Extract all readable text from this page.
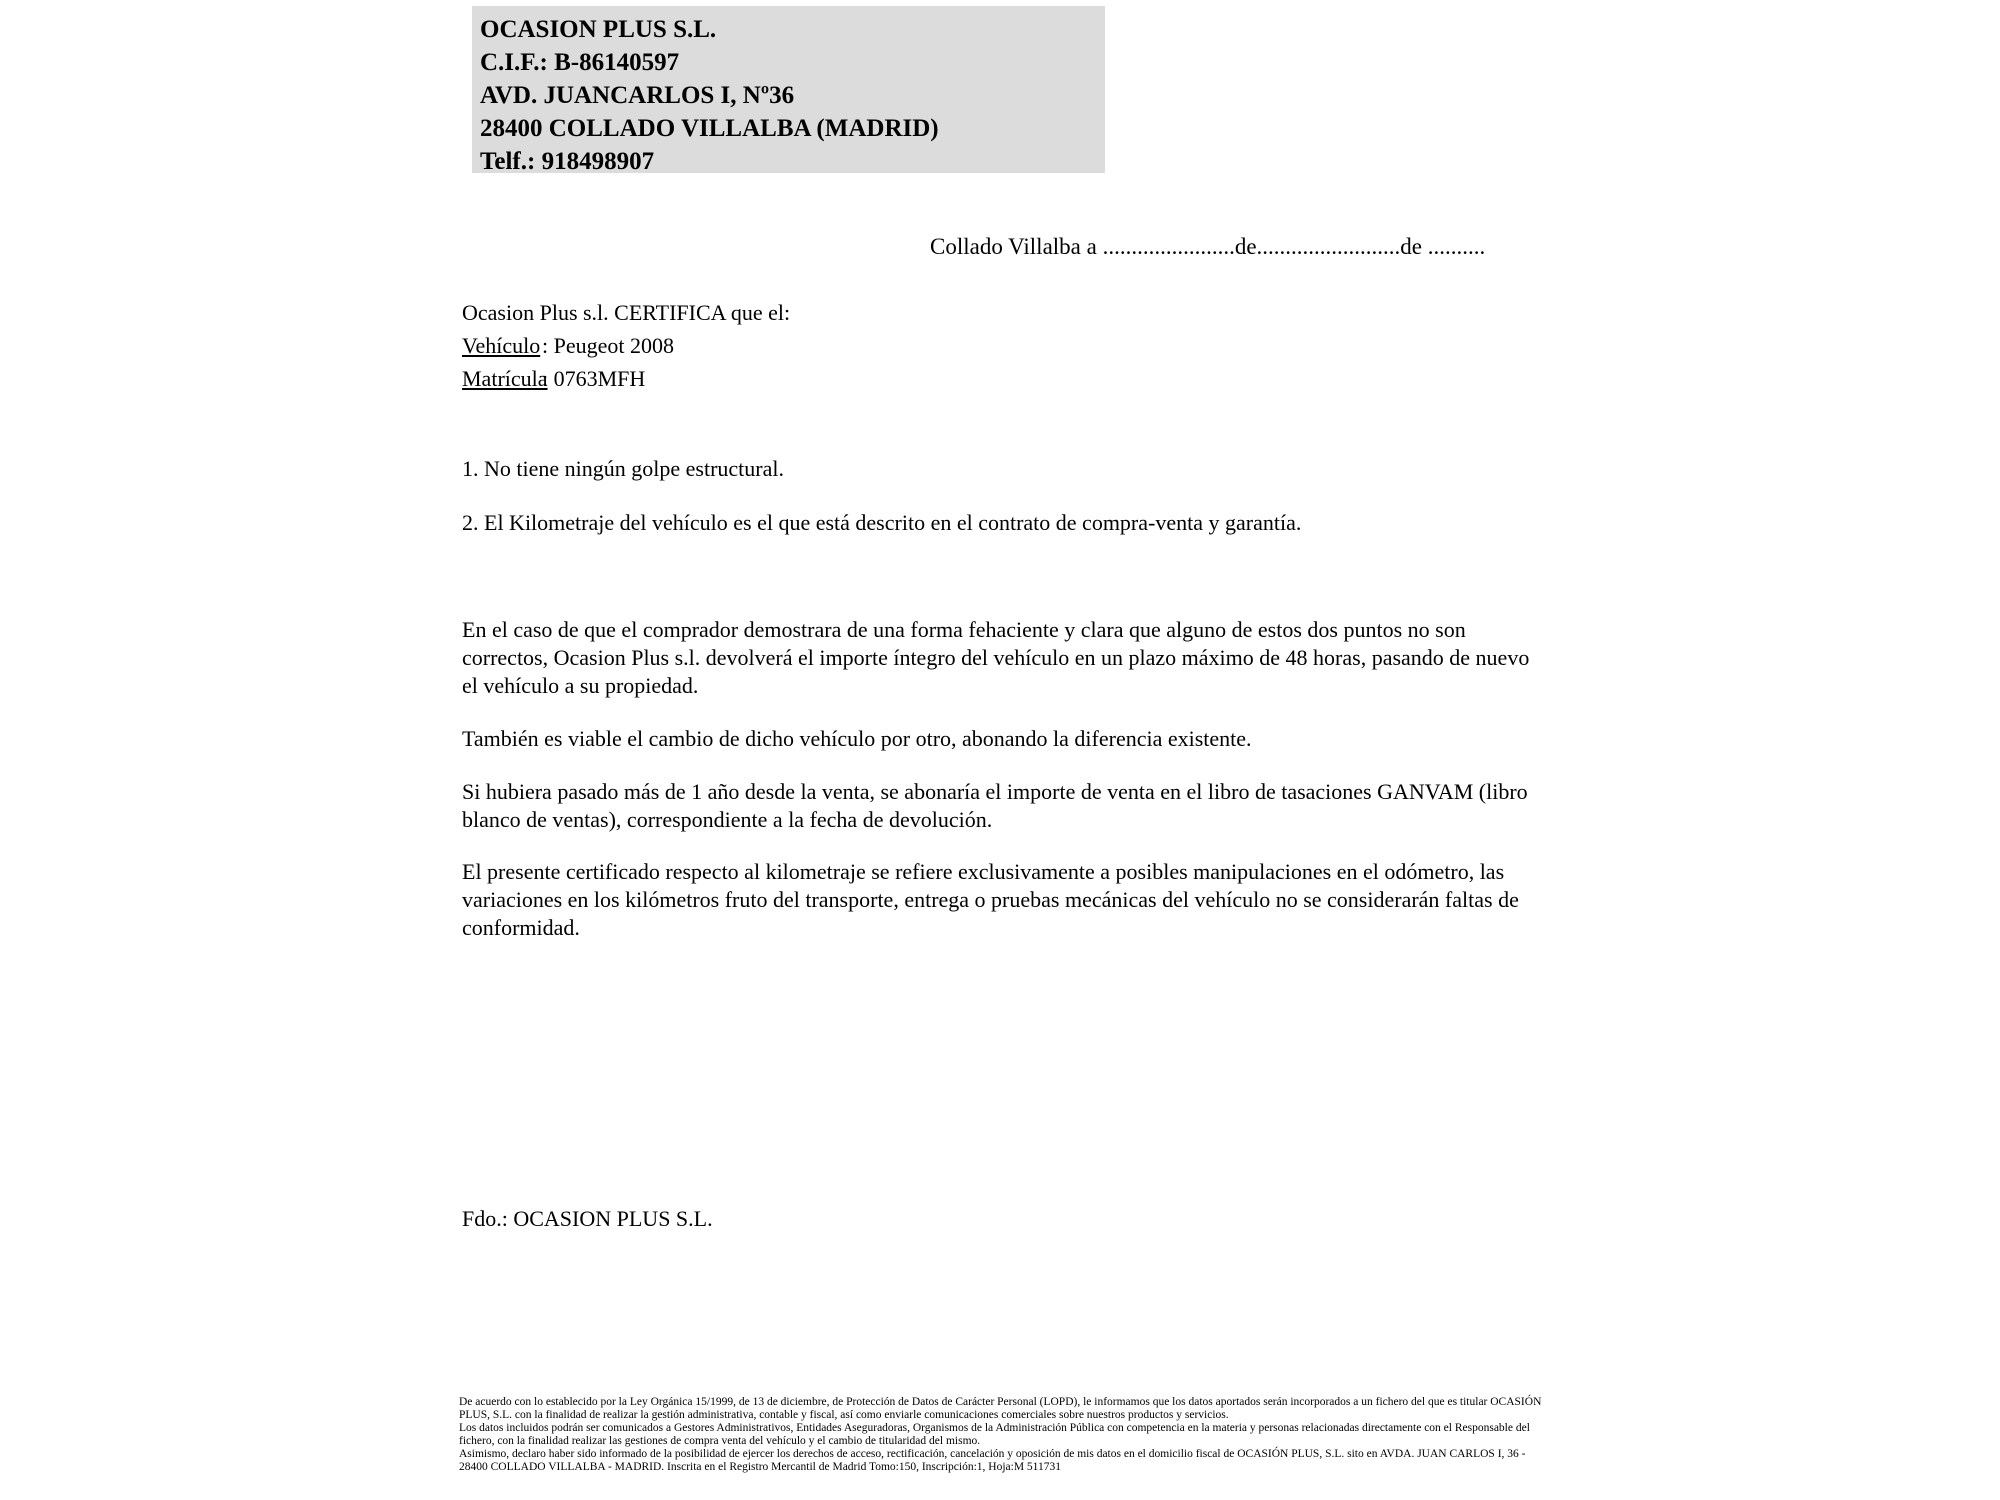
OCASION PLUS S.L.
C.I.F.: B-86140597
AVD. JUANCARLOS I, Nº36
28400 COLLADO VILLALBA (MADRID)
Telf.: 918498907
Collado Villalba a .......................de.........................de ..........
Ocasion Plus s.l. CERTIFICA que el:
Vehículo: Peugeot 2008
Matrícula: 0763MFH
1. No tiene ningún golpe estructural.
2. El Kilometraje del vehículo es el que está descrito en el contrato de compra-venta y garantía.
En el caso de que el comprador demostrara de una forma fehaciente y clara que alguno de estos dos puntos no son correctos, Ocasion Plus s.l. devolverá el importe íntegro del vehículo en un plazo máximo de 48 horas, pasando de nuevo el vehículo a su propiedad.
También es viable el cambio de dicho vehículo por otro, abonando la diferencia existente.
Si hubiera pasado más de 1 año desde la venta, se abonaría el importe de venta en el libro de tasaciones GANVAM (libro blanco de ventas), correspondiente a la fecha de devolución.
El presente certificado respecto al kilometraje se refiere exclusivamente a posibles manipulaciones en el odómetro, las variaciones en los kilómetros fruto del transporte, entrega o pruebas mecánicas del vehículo no se considerarán faltas de conformidad.
Fdo.: OCASION PLUS S.L.

De acuerdo con lo establecido por la Ley Orgánica 15/1999, de 13 de diciembre, de Protección de Datos de Carácter Personal (LOPD), le informamos que los datos aportados serán incorporados a un fichero del que es titular OCASIÓN PLUS, S.L. con la finalidad de realizar la gestión administrativa, contable y fiscal, así como enviarle comunicaciones comerciales sobre nuestros productos y servicios.

Los datos incluidos podrán ser comunicados a Gestores Administrativos, Entidades Aseguradoras, Organismos de la Administración Pública con competencia en la materia y personas relacionadas directamente con el Responsable del fichero, con la finalidad realizar las gestiones de compra venta del vehículo y el cambio de titularidad del mismo.

Asimismo, declaro haber sido informado de la posibilidad de ejercer los derechos de acceso, rectificación, cancelación y oposición de mis datos en el domicilio fiscal de OCASIÓN PLUS, S.L. sito en AVDA. JUAN CARLOS I, 36 - 28400 COLLADO VILLALBA - MADRID. Inscrita en el Registro Mercantil de Madrid Tomo:150, Inscripción:1, Hoja:M 511731
